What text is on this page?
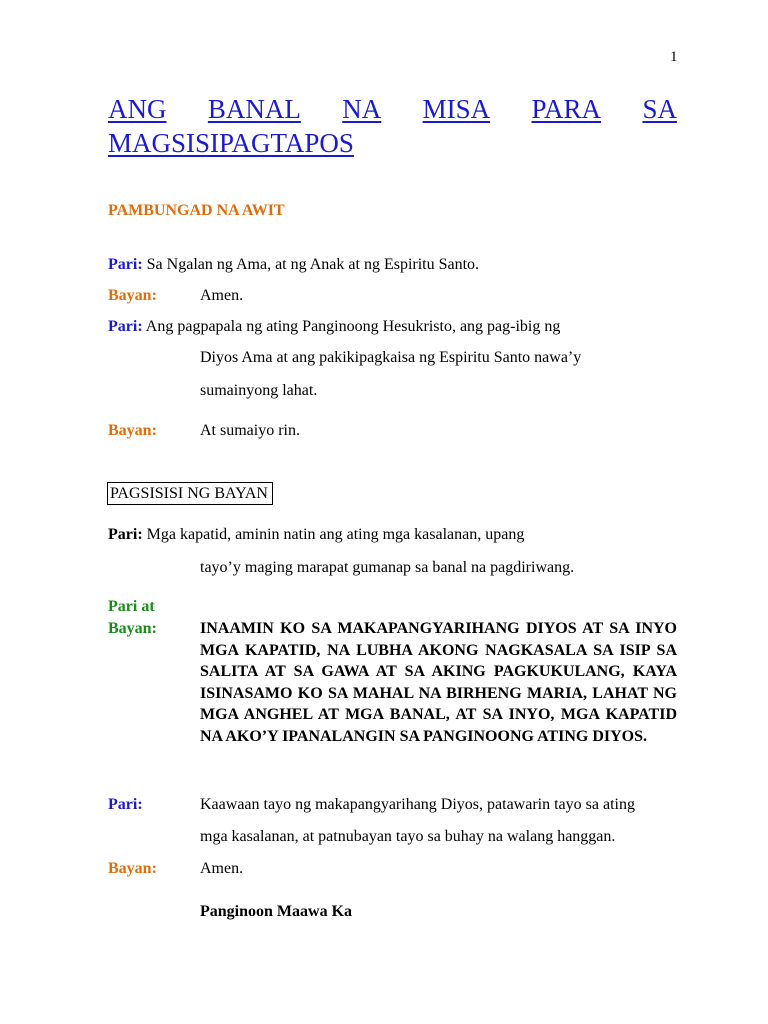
1
ANG BANAL NA MISA PARA SA
MAGSISIPAGTAPOS
PAMBUNGAD NA AWIT
Pari: Sa Ngalan ng Ama, at ng Anak at ng Espiritu Santo.
Bayan:	Amen.
Pari: Ang pagpapala ng ating Panginoong Hesukristo, ang pag-ibig ng
Diyos Ama at ang pakikipagkaisa ng Espiritu Santo nawa’y
sumainyong lahat.
Bayan:	At sumaiyo rin.
PAGSISISI NG BAYAN
Pari: Mga kapatid, aminin natin ang ating mga kasalanan, upang
tayo’y maging marapat gumanap sa banal na pagdiriwang.
Pari at
Bayan:	INAAMIN KO SA MAKAPANGYARIHANG DIYOS AT SA INYO MGA KAPATID, NA LUBHA AKONG NAGKASALA SA ISIP SA SALITA AT SA GAWA AT SA AKING PAGKUKULANG, KAYA ISINASAMO KO SA MAHAL NA BIRHENG MARIA, LAHAT NG MGA ANGHEL AT MGA BANAL, AT SA INYO, MGA KAPATID NA AKO’Y IPANALANGIN SA PANGINOONG ATING DIYOS.

Pari:	Kaawaan tayo ng makapangyarihang Diyos, patawarin tayo sa ating
mga kasalanan, at patnubayan tayo sa buhay na walang hanggan.
Bayan:	Amen.
Panginoon Maawa Ka
